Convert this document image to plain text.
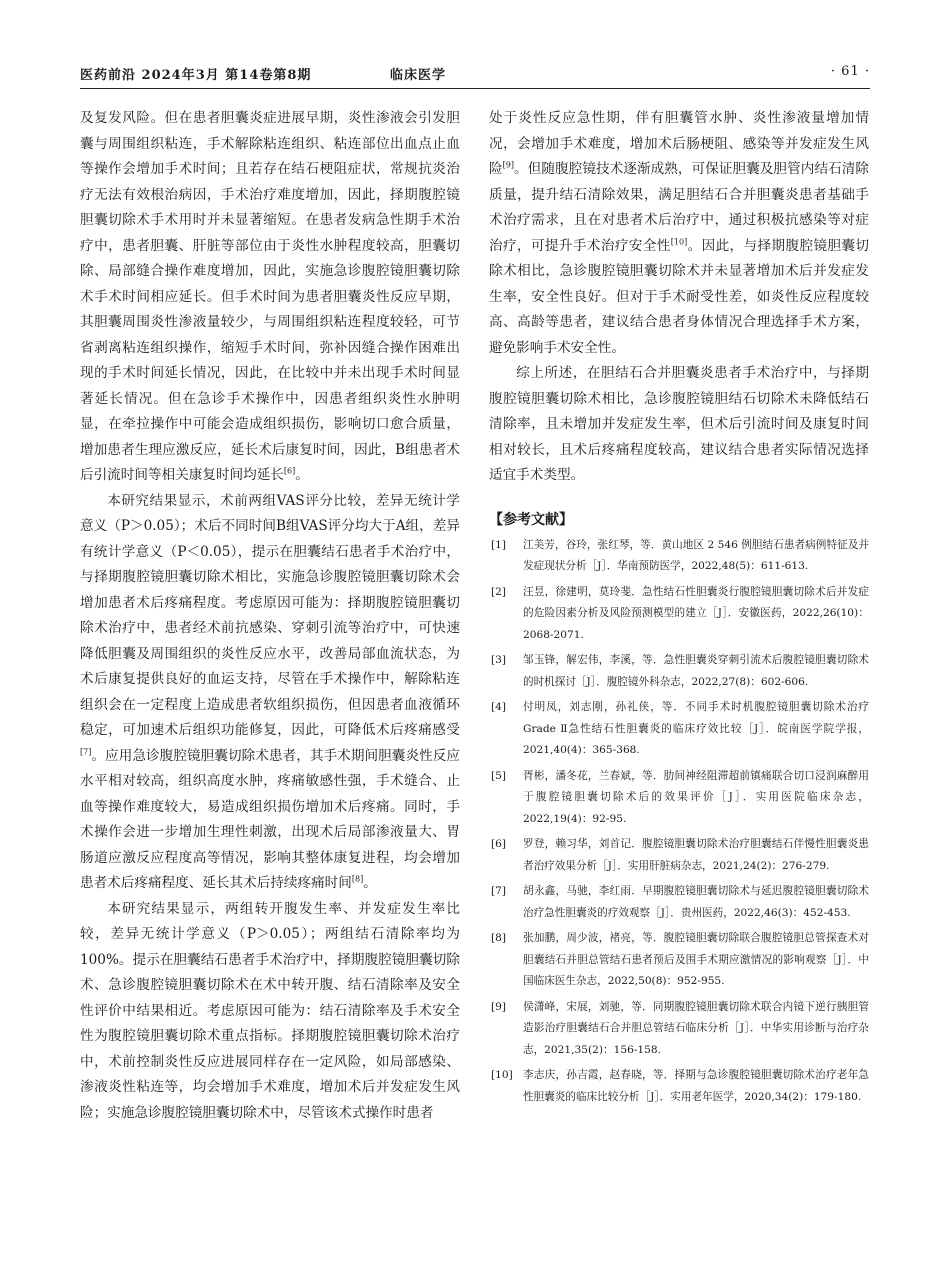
医药前沿 2024年3月 第14卷第8期	临床医学	· 61 ·

及复发风险。但在患者胆囊炎症进展早期，炎性渗液会引发胆囊与周围组织粘连，手术解除粘连组织、粘连部位出血点止血等操作会增加手术时间；且若存在结石梗阻症状，常规抗炎治疗无法有效根治病因，手术治疗难度增加，因此，择期腹腔镜胆囊切除术手术用时并未显著缩短。在患者发病急性期手术治疗中，患者胆囊、肝脏等部位由于炎性水肿程度较高，胆囊切除、局部缝合操作难度增加，因此，实施急诊腹腔镜胆囊切除术手术时间相应延长。但手术时间为患者胆囊炎性反应早期，其胆囊周围炎性渗液量较少，与周围组织粘连程度较轻，可节省剥离粘连组织操作，缩短手术时间，弥补因缝合操作困难出现的手术时间延长情况，因此，在比较中并未出现手术时间显著延长情况。但在急诊手术操作中，因患者组织炎性水肿明显，在牵拉操作中可能会造成组织损伤，影响切口愈合质量，增加患者生理应激反应，延长术后康复时间，因此，B组患者术后引流时间等相关康复时间均延长[6]。

本研究结果显示，术前两组VAS评分比较，差异无统计学意义（P＞0.05）；术后不同时间B组VAS评分均大于A组，差异有统计学意义（P＜0.05），提示在胆囊结石患者手术治疗中，与择期腹腔镜胆囊切除术相比，实施急诊腹腔镜胆囊切除术会增加患者术后疼痛程度。考虑原因可能为：择期腹腔镜胆囊切除术治疗中，患者经术前抗感染、穿刺引流等治疗中，可快速降低胆囊及周围组织的炎性反应水平，改善局部血流状态，为术后康复提供良好的血运支持，尽管在手术操作中，解除粘连组织会在一定程度上造成患者软组织损伤，但因患者血液循环稳定，可加速术后组织功能修复，因此，可降低术后疼痛感受[7]。应用急诊腹腔镜胆囊切除术患者，其手术期间胆囊炎性反应水平相对较高，组织高度水肿，疼痛敏感性强，手术缝合、止血等操作难度较大，易造成组织损伤增加术后疼痛。同时，手术操作会进一步增加生理性刺激，出现术后局部渗液量大、胃肠道应激反应程度高等情况，影响其整体康复进程，均会增加患者术后疼痛程度、延长其术后持续疼痛时间[8]。

本研究结果显示，两组转开腹发生率、并发症发生率比较，差异无统计学意义（P＞0.05）；两组结石清除率均为100%。提示在胆囊结石患者手术治疗中，择期腹腔镜胆囊切除术、急诊腹腔镜胆囊切除术在术中转开腹、结石清除率及安全性评价中结果相近。考虑原因可能为：结石清除率及手术安全性为腹腔镜胆囊切除术重点指标。择期腹腔镜胆囊切除术治疗中，术前控制炎性反应进展同样存在一定风险，如局部感染、渗液炎性粘连等，均会增加手术难度，增加术后并发症发生风险；实施急诊腹腔镜胆囊切除术中，尽管该术式操作时患者

处于炎性反应急性期，伴有胆囊管水肿、炎性渗液量增加情况，会增加手术难度，增加术后肠梗阻、感染等并发症发生风险[9]。但随腹腔镜技术逐渐成熟，可保证胆囊及胆管内结石清除质量，提升结石清除效果，满足胆结石合并胆囊炎患者基础手术治疗需求，且在对患者术后治疗中，通过积极抗感染等对症治疗，可提升手术治疗安全性[10]。因此，与择期腹腔镜胆囊切除术相比，急诊腹腔镜胆囊切除术并未显著增加术后并发症发生率，安全性良好。但对于手术耐受性差，如炎性反应程度较高、高龄等患者，建议结合患者身体情况合理选择手术方案，避免影响手术安全性。

综上所述，在胆结石合并胆囊炎患者手术治疗中，与择期腹腔镜胆囊切除术相比，急诊腹腔镜胆结石切除术未降低结石清除率，且未增加并发症发生率，但术后引流时间及康复时间相对较长，且术后疼痛程度较高，建议结合患者实际情况选择适宜手术类型。

【参考文献】
[1] 江美芳，谷玲，张红琴，等．黄山地区 2 546 例胆结石患者病例特征及并发症现状分析［J］．华南预防医学，2022,48(5)：611-613.
[2] 汪昱，徐建明，莫玲斐．急性结石性胆囊炎行腹腔镜胆囊切除术后并发症的危险因素分析及风险预测模型的建立［J］．安徽医药，2022,26(10)：2068-2071.
[3] 邹玉锋，解宏伟，李溪，等．急性胆囊炎穿刺引流术后腹腔镜胆囊切除术的时机探讨［J］．腹腔镜外科杂志，2022,27(8)：602-606.
[4] 付明凤，刘志刚，孙礼侠，等．不同手术时机腹腔镜胆囊切除术治疗 Grade Ⅱ急性结石性胆囊炎的临床疗效比较［J］．皖南医学院学报，2021,40(4)：365-368.
[5] 胥彬，潘冬花，兰春斌，等．肋间神经阻滞超前镇痛联合切口浸润麻醉用于腹腔镜胆囊切除术后的效果评价［J］．实用医院临床杂志，2022,19(4)：92-95.
[6] 罗登，赖习华，刘首记．腹腔镜胆囊切除术治疗胆囊结石伴慢性胆囊炎患者治疗效果分析［J］．实用肝脏病杂志，2021,24(2)：276-279.
[7] 胡永鑫，马驰，李红雨．早期腹腔镜胆囊切除术与延迟腹腔镜胆囊切除术治疗急性胆囊炎的疗效观察［J］．贵州医药，2022,46(3)：452-453.
[8] 张加鹏，周少波，褚亮，等．腹腔镜胆囊切除联合腹腔镜胆总管探查术对胆囊结石并胆总管结石患者预后及围手术期应激情况的影响观察［J］．中国临床医生杂志，2022,50(8)：952-955.
[9] 侯潇峰，宋展，刘驰，等．同期腹腔镜胆囊切除术联合内镜下逆行胰胆管造影治疗胆囊结石合并胆总管结石临床分析［J］．中华实用诊断与治疗杂志，2021,35(2)：156-158.
[10] 李志庆，孙吉霞，赵春晓，等．择期与急诊腹腔镜胆囊切除术治疗老年急性胆囊炎的临床比较分析［J］．实用老年医学，2020,34(2)：179-180.
